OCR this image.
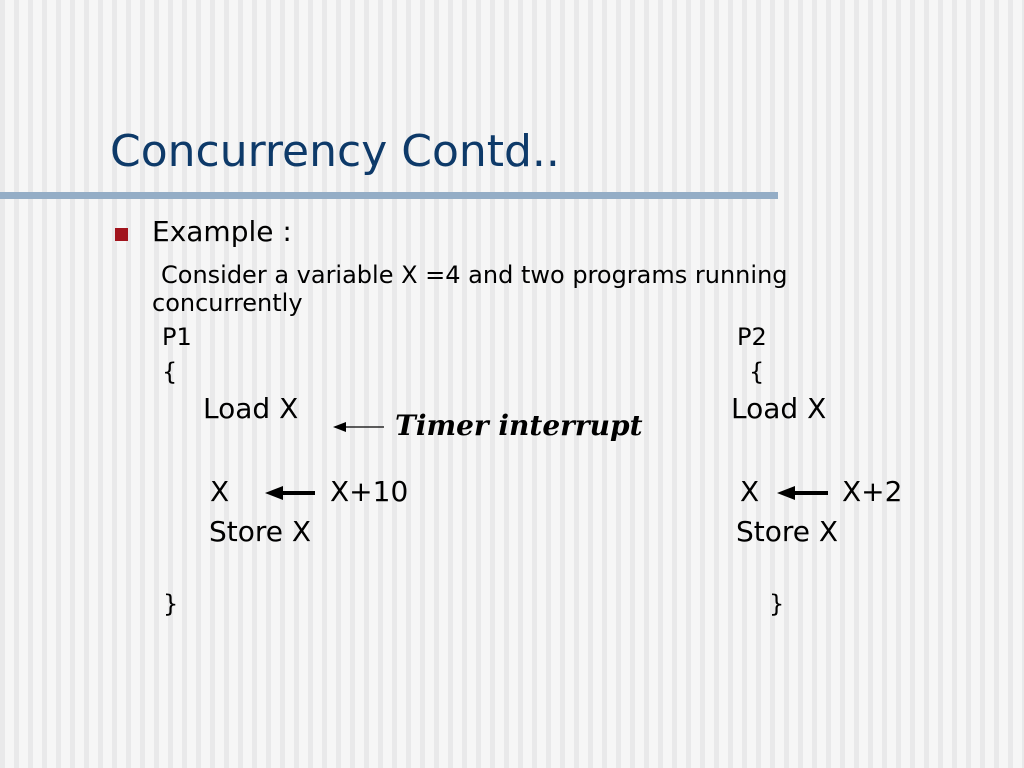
Concurrency Contd..
Example :
Consider a variable X =4 and two programs running
concurrently
P1
{
Load X
X	X+10
Store X
}
Timer interrupt
P2
{
Load X
X	X+2
Store X
}
